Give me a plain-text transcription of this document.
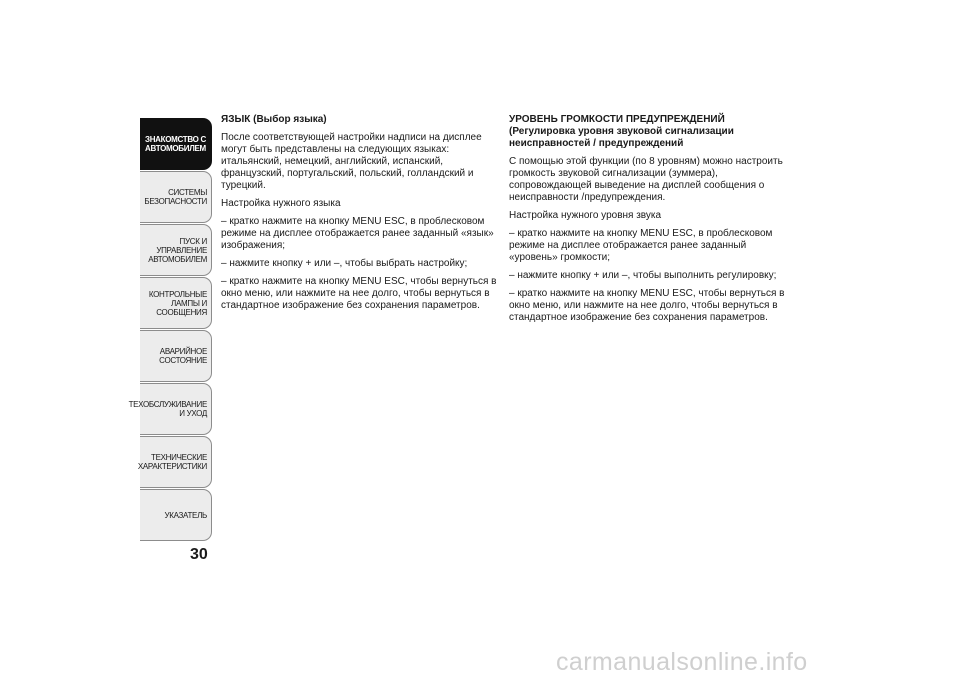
ЗНАКОМСТВО С
АВТОМОБИЛЕМ
СИСТЕМЫ
БЕЗОПАСНОСТИ
ПУСК И УПРАВЛЕНИЕ
АВТОМОБИЛЕМ
КОНТРОЛЬНЫЕ
ЛАМПЫ И
СООБЩЕНИЯ
АВАРИЙНОЕ
СОСТОЯНИЕ
ТЕХОБСЛУЖИВАНИЕ
И УХОД
ТЕХНИЧЕСКИЕ
ХАРАКТЕРИСТИКИ
УКАЗАТЕЛЬ
30
ЯЗЫК (Выбор языка)

После соответствующей настройки надписи на дисплее могут быть представлены на следующих языках: итальянский, немецкий, английский, испанский, французский, португальский, польский, голландский и турецкий.

Настройка нужного языка

– кратко нажмите на кнопку MENU ESC, в проблесковом режиме на дисплее отображается ранее заданный «язык» изображения;

– нажмите кнопку + или –, чтобы выбрать настройку;

– кратко нажмите на кнопку MENU ESC, чтобы вернуться в окно меню, или нажмите на нее долго, чтобы вернуться в стандартное изображение без сохранения параметров.

УРОВЕНЬ ГРОМКОСТИ ПРЕДУПРЕЖДЕНИЙ
(Регулировка уровня звуковой сигнализации неисправностей / предупреждений

С помощью этой функции (по 8 уровням) можно настроить громкость звуковой сигнализации (зуммера), сопровождающей выведение на дисплей сообщения о неисправности /предупреждения.

Настройка нужного уровня звука

– кратко нажмите на кнопку MENU ESC, в проблесковом режиме на дисплее отображается ранее заданный «уровень» громкости;

– нажмите кнопку + или –, чтобы выполнить регулировку;

– кратко нажмите на кнопку MENU ESC, чтобы вернуться в окно меню, или нажмите на нее долго, чтобы вернуться в стандартное изображение без сохранения параметров.

carmanualsonline.info
